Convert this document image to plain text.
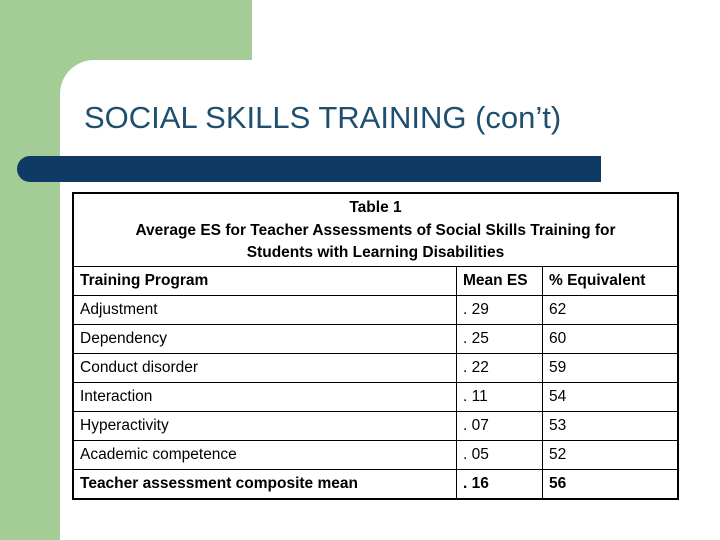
SOCIAL SKILLS TRAINING (con’t)
Table 1
Average ES for Teacher Assessments of Social Skills Training for
Students with Learning Disabilities		

Training Program	Mean ES	% Equivalent
Adjustment	. 29	62
Dependency	. 25	60
Conduct disorder	. 22	59
Interaction	. 11	54
Hyperactivity	. 07	53
Academic competence	. 05	52
Teacher assessment composite mean	. 16	56
